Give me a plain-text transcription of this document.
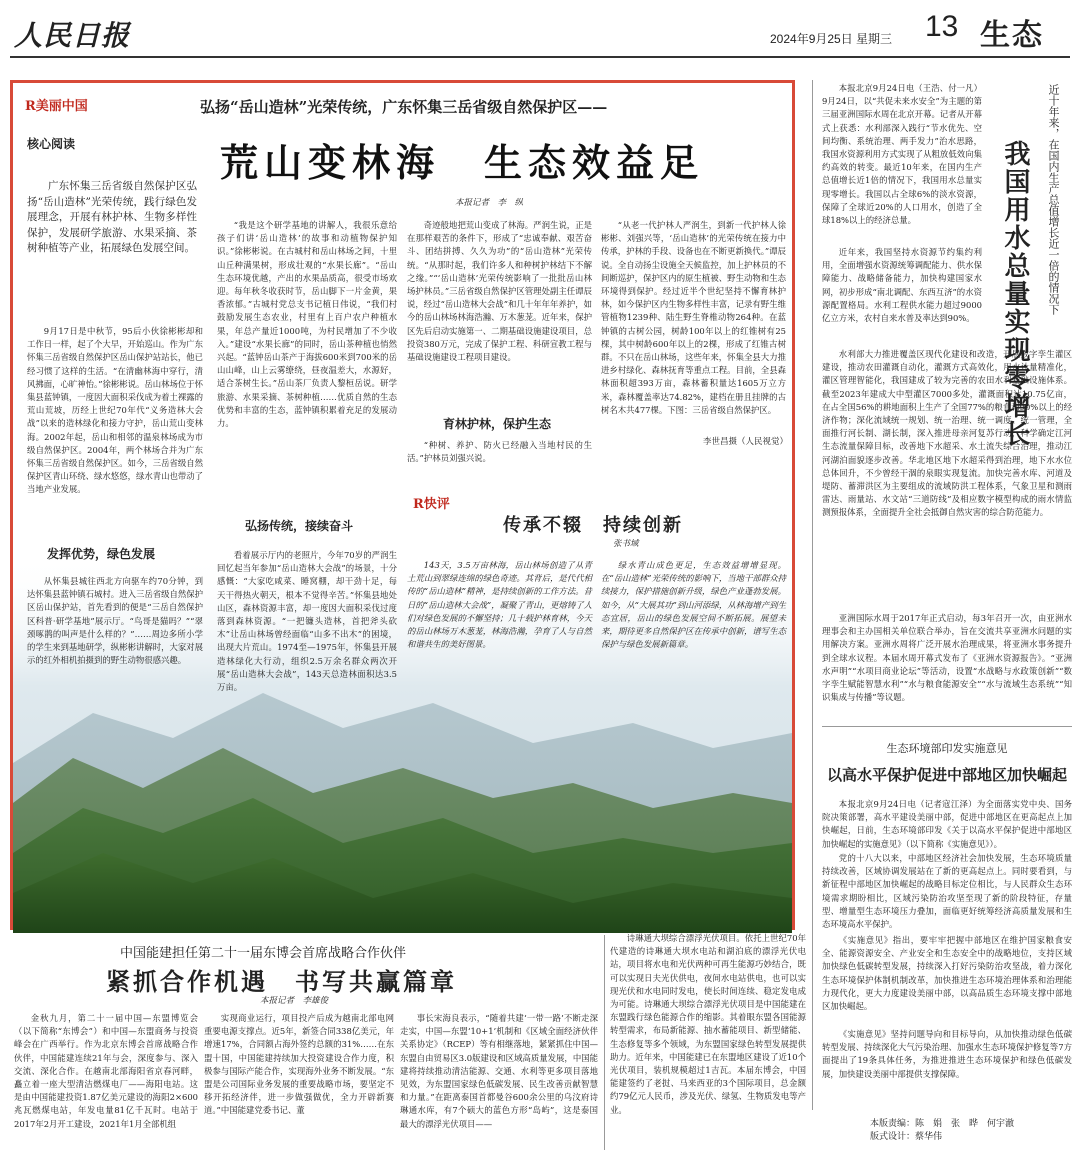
人民日报	2024年9月25日 星期三 13 生态
R美丽中国
核心阅读
广东怀集三岳省级自然保护区弘扬“岳山造林”光荣传统，践行绿色发展理念，开展有林护林、生物多样性保护，发展研学旅游、水果采摘、茶树种植等产业，拓展绿色发展空间。
9月17日是中秋节，95后小伙徐彬彬却和工作日一样，起了个大早，开始巡山。作为广东怀集三岳省级自然保护区岳山保护站站长，他已经习惯了这样的生活。“在清幽林海中穿行，清风拂面，心旷神怡。”徐彬彬说。岳山林场位于怀集县蓝钟镇，一度因大面积采伐成为着土裸露的荒山荒坡，历经上世纪70年代“义务造林大会战”以来的造林绿化和接力守护，岳山荒山变林海。2002年起，岳山和相邻的温泉林场成为市级自然保护区。2004年，两个林场合并为广东怀集三岳省级自然保护区。如今，三岳省级自然保护区青山环绕、绿水悠悠，绿水青山也带动了当地产业发展。
发挥优势，绿色发展
从怀集县城往西北方向驱车约70分钟，到达怀集县蓝钟镇石城村。进入三岳省级自然保护区岳山保护站，首先看到的便是“三岳自然保护区科普·研学基地”展示厅。“鸟哥是猫吗？”“翠颈啄鹊的叫声是什么样的？”……周边多所小学的学生来到基地研学，纵彬彬讲解时，大家对展示的红外相机拍摄到的野生动物很感兴趣。
“我是这个研学基地的讲解人，我很乐意给孩子们讲‘岳山造林’的故事和动植物保护知识。”徐彬彬说。在古城村和岳山林场之间，十里山丘种满果树，形成壮观的“水果长廊”。“岳山生态环境优越，产出的水果品质高，很受市场欢迎。每年秋冬收获时节，岳山脚下一片金黄，果香浓郁。”古城村党总支书记植日伟说，“我们村鼓励发展生态农业，村里有上百户农户种植水果，年总产量近1000吨，为村民增加了不少收入。”建设“水果长廊”的同时，岳山茶种植也悄然兴起。“蓝钟岳山茶产于海拔600米到700米的岳山山峰，山上云雾缭绕，昼夜温差大，水源好，适合茶树生长。”岳山茶厂负责人黎桓岳说。研学旅游、水果采摘、茶树种植……优质自然的生态优势和丰富的生态，蓝钟镇积累着充足的发展动力。
弘扬传统，接续奋斗
看着展示厅内的老照片，今年70岁的严润生回忆起当年参加“岳山造林大会战”的场景，十分感慨：“大家吃咸菜、睡窝棚，却干劲十足，每天干得热火朝天，根本不觉得辛苦。”怀集县地处山区，森林资源丰富，却一度因大面积采伐过度落到森林资源。“一把镰头造林，首把斧头砍木”让岳山林场曾经面临“山多不出木”的困境，出现大片荒山。1974至—1975年，怀集县开展造林绿化大行动，组织2.5万余名群众两次开展“岳山造林大会战”，143天总造林面积达3.5万亩。
奇迹般地把荒山变成了林海。严润生说，正是在那样艰苦的条件下，形成了“忠诚奉献、艰苦奋斗、团结拼搏、久久为功”的“岳山造林”光荣传统。“从那时起，我们许多人和种树护林结下不解之缘。”“‘岳山造林’光荣传统影响了一批批岳山林场护林员。”三岳省级自然保护区管理处副主任谭辰说，经过“岳山造林大会战”和几十年年年养护，如今的岳山林场林海浩瀚、万木葱茏。近年来，保护区先后启动实施第一、二期基础设施建设项目，总投资380万元，完成了保护工程、科研宣教工程与基础设施建设工程项目建设。
育林护林，保护生态
“种树、养护、防火已经融入当地村民的生活。”护林员刘强兴说。
“从老一代护林人严润生，到新一代护林人徐彬彬、刘强兴等，‘岳山造林’的光荣传统在接力中传承，护林的手段、设备也在不断更新换代。”谭辰说。全自动扬尘设施全天候监控，加上护林员的不间断巡护，保护区内的原生植被、野生动物和生态环境得到保护。经过近半个世纪坚持不懈育林护林，如今保护区内生物多样性丰富，记录有野生维管植物1239种、陆生野生脊椎动物264种。在蓝钟镇的古树公园，树龄100年以上的红锥树有25棵，其中树龄600年以上的2棵，形成了红锥古树群。不只在岳山林场，这些年来，怀集全县大力推进乡村绿化、森林抚育等重点工程。目前，全县森林面积超393万亩，森林蓄积量达1605万立方米，森林覆盖率达74.82%，建档在册且挂牌的古树名木共477棵。下图：三岳省级自然保护区。
李世昌摄（人民视觉）
R快评
传承不辍　持续创新
张书域
143天，3.5万亩林海，岳山林场创造了从青土荒山到翠绿连绵的绿色奇迹。其背后，是代代相传的“岳山造林”精神，是持续创新的工作方法。昔日的“岳山造林大会战”，凝聚了青山，更熔铸了人们对绿色发展的不懈坚持；几十载护林育林，今天的岳山林场万木葱茏，林海浩瀚，孕育了人与自然和谐共生的美好图景。
绿水青山成色更足，生态效益增增显现。在“岳山造林”光荣传统的影响下，当地干部群众持续接力，保护措施创新升级，绿色产业蓬勃发展。如今，从“大展其功”到山河添绿，从林海增产到生态宜居，岳山的绿色发展空间不断拓展。展望未来，期待更多自然保护区在传承中创新，谱写生态保护与绿色发展新篇章。
弘扬“岳山造林”光荣传统，广东怀集三岳省级自然保护区——
荒山变林海　生态效益足
本报记者　李　纵
本报北京9月24日电（王浩、付一凡）9月24日，以“共促未来水安全”为主题的第三届亚洲国际水周在北京开幕。记者从开幕式上获悉：水利部深入践行“节水优先、空间均衡、系统治理、两手发力”治水思路，我国水资源利用方式实现了从粗放低效向集约高效的转变。最近10年来，在国内生产总值增长近1倍的情况下，我国用水总量实现零增长。我国以占全球6%的淡水资源，保障了全球近20%的人口用水，创造了全球18%以上的经济总量。	近十年来，在国内生产总值增长近一倍的情况下
我国用水总量实现零增长
近年来，我国坚持水资源节约集约利用，全面增强水资源统筹调配能力、供水保障能力、战略储备能力，加快构建国家水网，初步形成“南北调配、东西互济”的水资源配置格局。水利工程供水能力超过9000亿立方米，农村自来水普及率达到90%。
水利部大力推进覆盖区现代化建设和改造，开展数字孪生灌区建设，推动农田灌溉自动化，灌溉方式高效化，用水计量精准化，灌区管理智能化，我国建成了较为完善的农田水利基础设施体系。截至2023年建成大中型灌区7000多处，灌溉面积达10.75亿亩，在占全国56%的耕地面积上生产了全国77%的粮食和90%以上的经济作物；深化流域统一规划、统一治理、统一调度、统一管理，全面推行河长制、湖长制，深入推进母亲河复苏行动，科学确定江河生态流量保障目标，改善地下水超采、水土流失综合治理，推动江河湖泊面貌逐步改善。华北地区地下水超采得到治理，地下水水位总体回升，不少曾经干涸的泉眼实现复流。加快完善水库、河道及堤防、蓄滞洪区为主要组成的流域防洪工程体系，气象卫星和测雨雷达、雨量站、水文站“三道防线”及相应数字模型构成的雨水情监测预报体系，全面提升全社会抵御自然灾害的综合防范能力。
亚洲国际水周于2017年正式启动，每3年召开一次，由亚洲水理事会和主办国相关单位联合举办，旨在交流共享亚洲水问题的实用解决方案。亚洲水周将广泛开展水治理成果，将亚洲水事务提升到全球水议程。本届水周开幕式发布了《亚洲水资源报告》。“亚洲水声明”“水项目商业论坛”等活动，设置“水战略与水政策创新”“数字孪生赋能智慧水利”“水与粮食能源安全”“水与流域生态系统”“知识集成与传播”等议题。
生态环境部印发实施意见
以高水平保护促进中部地区加快崛起
本报北京9月24日电（记者寇江泽）为全面落实党中央、国务院决策部署，高水平建设美丽中部，促进中部地区在更高起点上加快崛起，日前，生态环境部印发《关于以高水平保护促进中部地区加快崛起的实施意见》（以下简称《实施意见》）。
党的十八大以来，中部地区经济社会加快发展，生态环境质量持续改善，区域协调发展站在了新的更高起点上。同时要看到，与新征程中部地区加快崛起的战略目标定位相比，与人民群众生态环境需求期盼相比，区域污染防治攻坚至现了新的阶段特征，存量型、增量型生态环境压力叠加，面临更好统筹经济高质量发展和生态环境高水平保护。
《实施意见》指出，要牢牢把握中部地区在维护国家粮食安全、能源资源安全、产业安全和生态安全中的战略地位，支持区域加快绿色低碳转型发展，持续深入打好污染防治攻坚战，着力深化生态环境保护体制机制改革，加快推进生态环境治理体系和治理能力现代化，更大力度建设美丽中部，以高品质生态环境支撑中部地区加快崛起。
《实施意见》坚持问题导向和目标导向，从加快推动绿色低碳转型发展、持续深化大气污染治理、加强水生态环境保护修复等7方面提出了19条具体任务，为推进推进生态环境保护和绿色低碳发展，加快建设美丽中部提供支撑保障。
本版责编：陈　娟　张　晔　何宇澈
版式设计：蔡华伟
中国能建担任第二十一届东博会首席战略合作伙伴
紧抓合作机遇　书写共赢篇章
本报记者　李雄俊
金秋九月，第二十一届中国—东盟博览会（以下简称“东博会”）和中国—东盟商务与投资峰会在广西举行。作为北京东博会首席战略合作伙伴，中国能建连续21年与会，深度参与、深入交流、深化合作。在越南北部海阳省京春河畔，矗立着一座大型清洁燃煤电厂——海阳电站。这是由中国能建投资1.87亿美元建设的海阳2×600兆瓦燃煤电站，年发电量81亿千瓦时。电站于2017年2月开工建设，2021年1月全部机组
实现商业运行，项目投产后成为越南北部电网重要电源支撑点。近5年，新签合同338亿美元，年增速17%，合同额占海外签约总额的31%……在东盟十国，中国能建持续加大投资建设合作力度，积极参与国际产能合作，实现海外业务不断发展。“东盟是公司国际业务发展的重要战略市场，要坚定不移开拓经济伴，进一步做强做优，全力开辟新赛道。”中国能建党委书记、董
事长宋海良表示，“随着共建‘一带一路’不断走深走实，中国—东盟‘10+1’机制和《区域全面经济伙伴关系协定》（RCEP）等有相继落地，紧紧抓住中国—东盟自由贸易区3.0版建设和区域高质量发展，中国能建将持续推动清洁能源、交通、水利等更多项目落地见效，为东盟国家绿色低碳发展、民生改善贡献智慧和力量。”在距离泰国首都曼谷600余公里的乌汶府诗琳通水库，有7个硕大的蓝色方形“岛屿”，这是泰国最大的漂浮光伏项目——
诗琳通大坝综合漂浮光伏项目。依托上世纪70年代建造的诗琳通大坝水电站和湖泊底的漂浮光伏电站，项目将水电和光伏两种可再生能源巧妙结合，既可以实现日夫光伏供电，夜间水电站供电，也可以实现光伏和水电同时发电，使长时间连续、稳定发电成为可能。诗琳通大坝综合漂浮光伏项目是中国能建在东盟践行绿色能源合作的缩影。其着眼东盟各国能源转型需求，布局新能源、抽水蓄能项目、新型储能、生态修复等多个领域，为东盟国家绿色转型发展提供助力。近年来，中国能建已在东盟地区建设了近10个光伏项目，装机规模超过1吉瓦。本届东博会，中国能建签约了老挝、马来西亚的3个国际项目，总金额约79亿元人民币，涉及光伏、绿氢、生物质发电等产业。
